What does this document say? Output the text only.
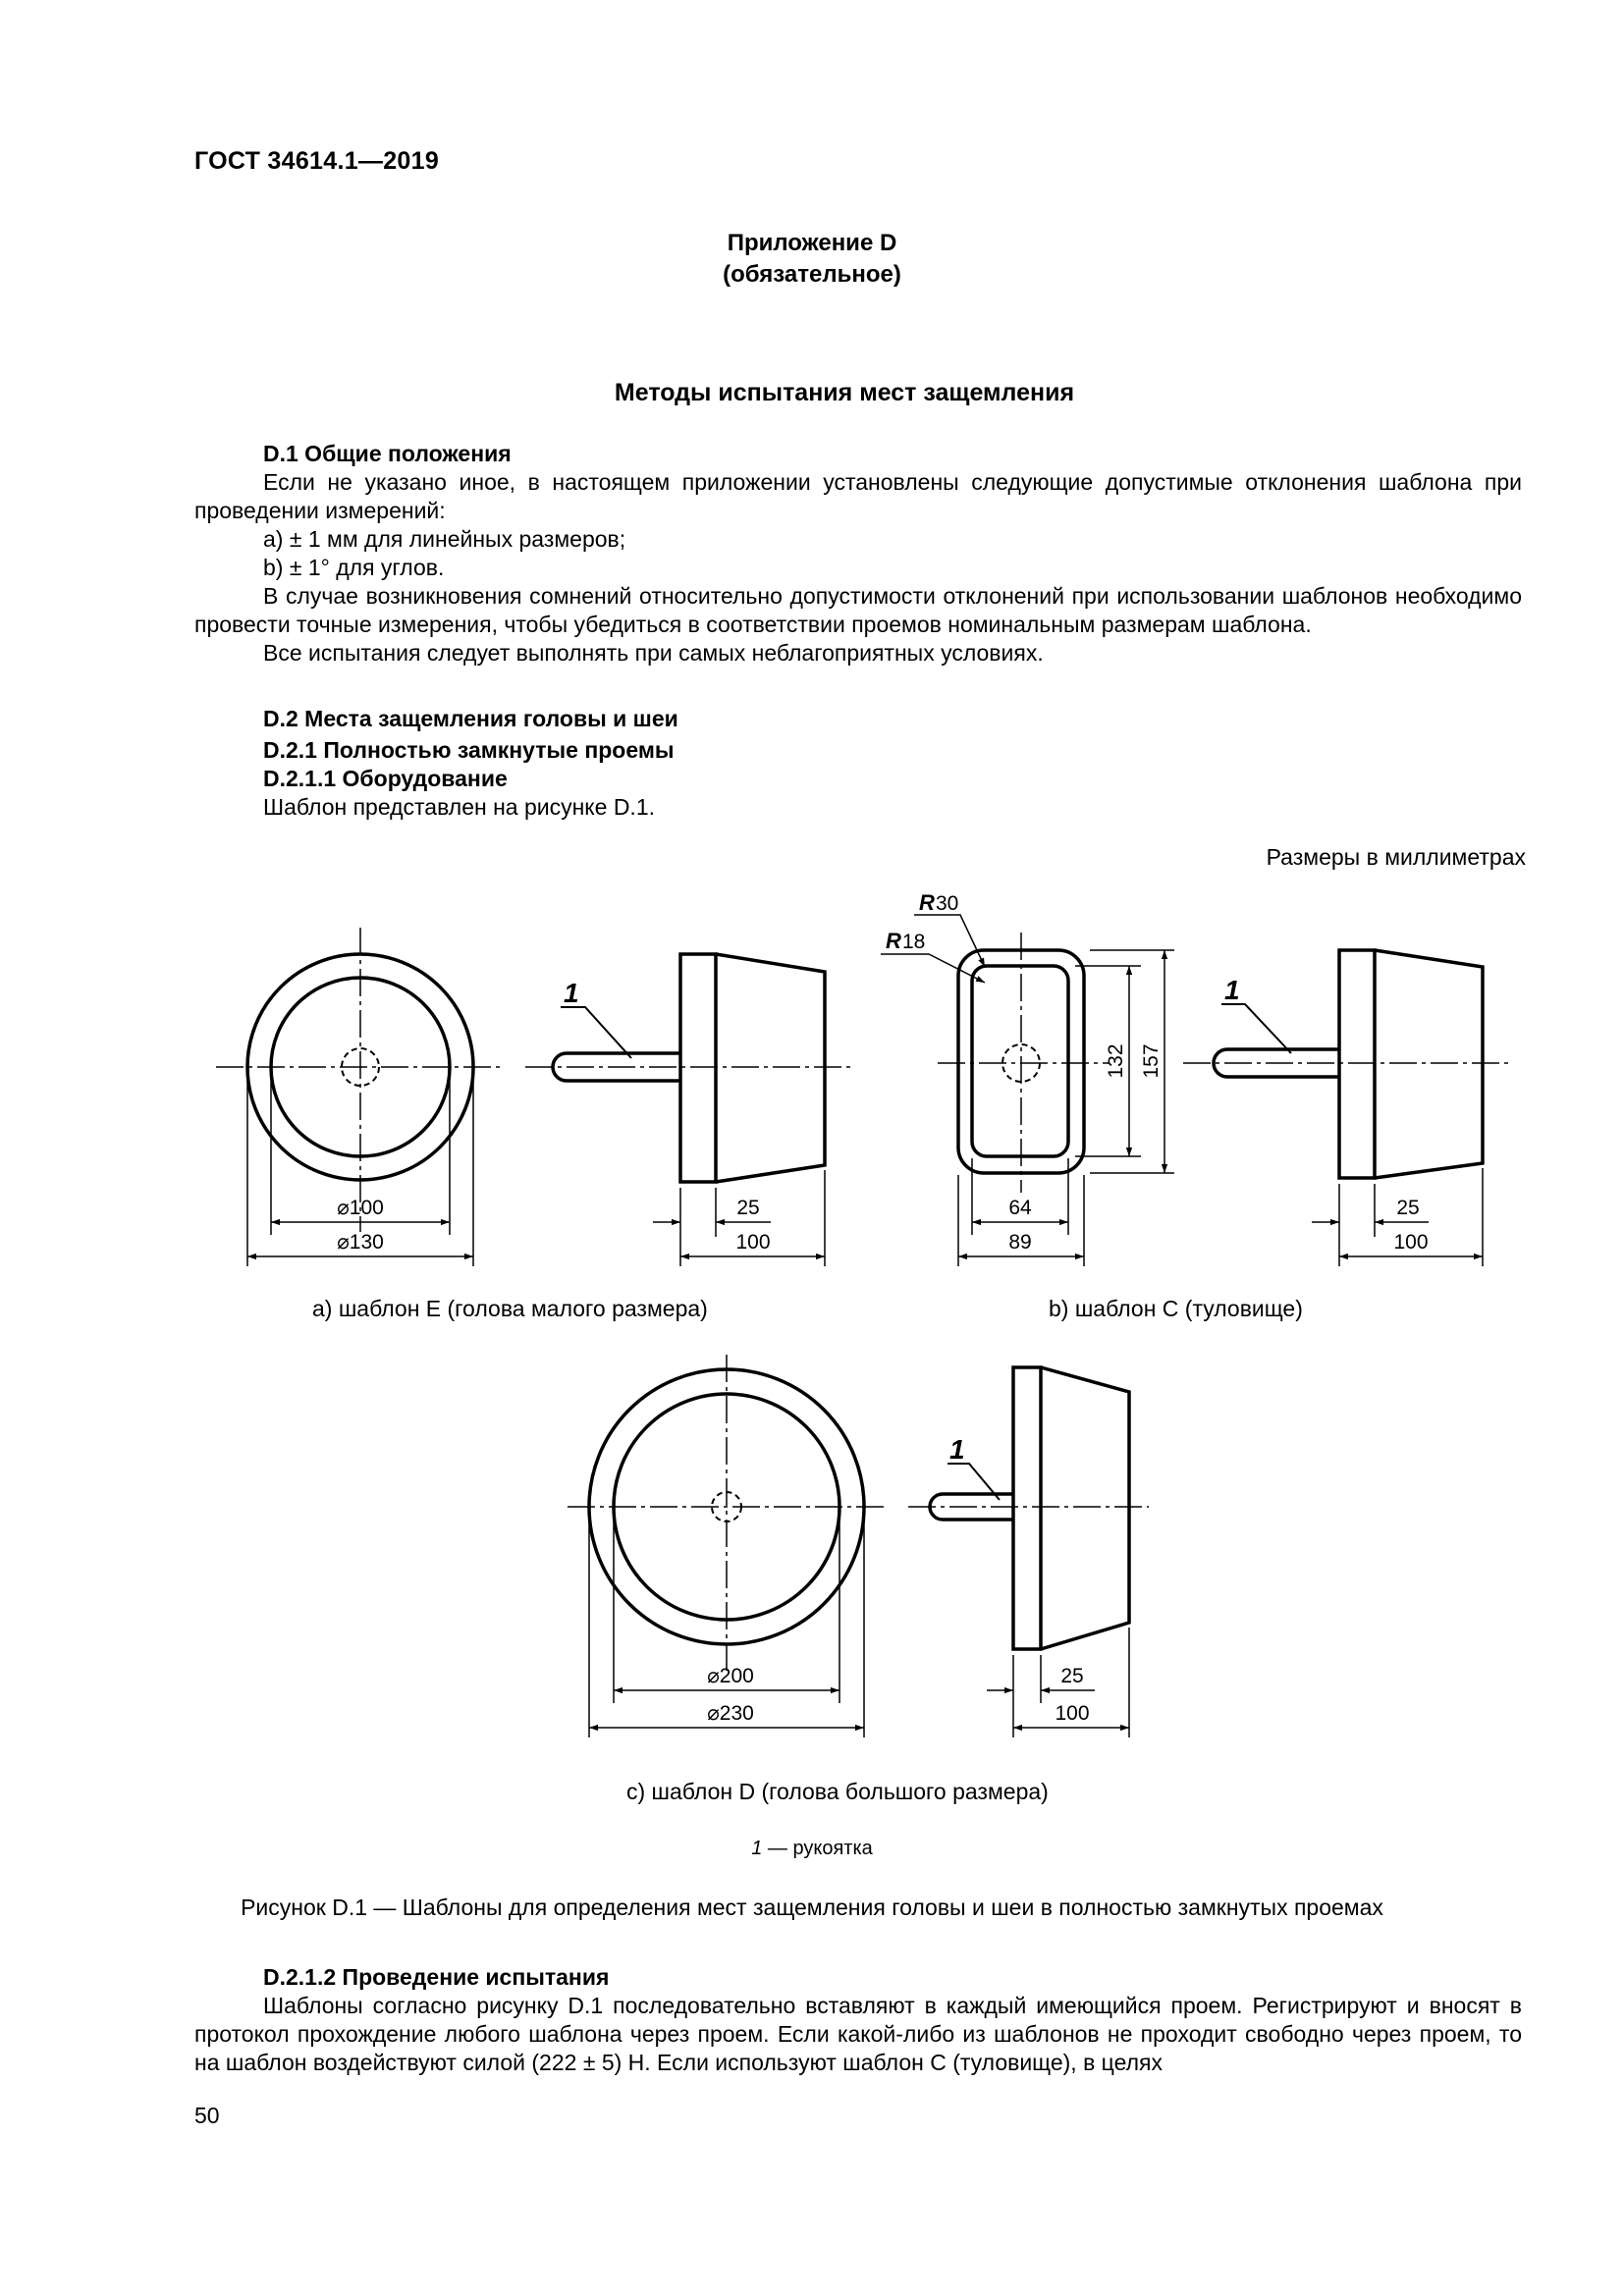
ГОСТ 34614.1—2019
Приложение D
(обязательное)
Методы испытания мест защемления

D.1 Общие положения

Если не указано иное, в настоящем приложении установлены следующие допустимые отклонения шаблона при проведении измерений:

a) ± 1 мм для линейных размеров;

b) ± 1° для углов.

В случае возникновения сомнений относительно допустимости отклонений при использовании шаблонов необходимо провести точные измерения, чтобы убедиться в соответствии проемов номинальным размерам шаблона.

Все испытания следует выполнять при самых неблагоприятных условиях.

D.2 Места защемления головы и шеи

D.2.1 Полностью замкнутые проемы

D.2.1.1 Оборудование

Шаблон представлен на рисунке D.1.

Размеры в миллиметрах
⌀100
⌀130
1
25
100
R 30
R 18
132 157
64
89
1
25
100
⌀200
⌀230
1
25
100
a) шаблон E (голова малого размера)	b) шаблон C (туловище)
c) шаблон D (голова большого размера)
1 — рукоятка
Рисунок D.1 — Шаблоны для определения мест защемления головы и шеи в полностью замкнутых проемах

D.2.1.2 Проведение испытания

Шаблоны согласно рисунку D.1 последовательно вставляют в каждый имеющийся проем. Регистрируют и вносят в протокол прохождение любого шаблона через проем. Если какой-либо из шаблонов не проходит свободно через проем, то на шаблон воздействуют силой (222 ± 5) Н. Если используют шаблон C (туловище), в целях

50
